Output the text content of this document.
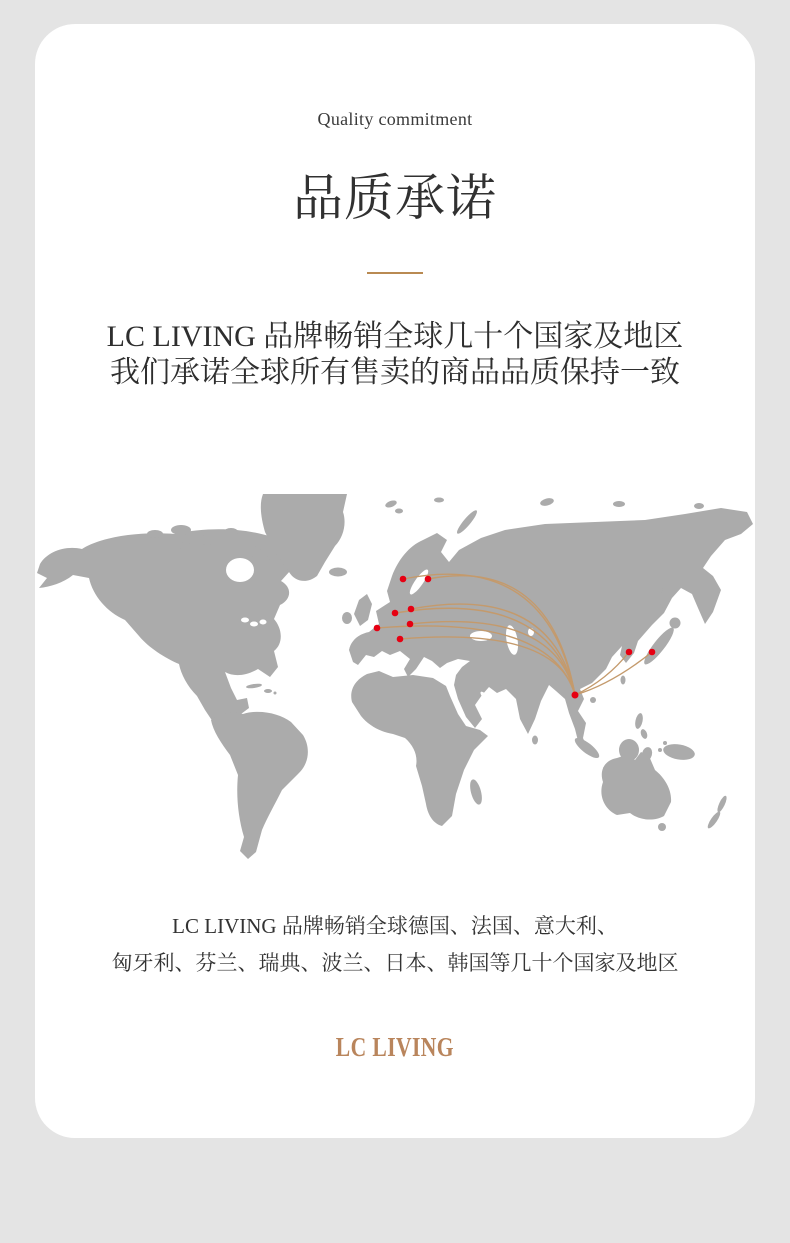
Quality commitment
品质承诺
LC LIVING 品牌畅销全球几十个国家及地区
我们承诺全球所有售卖的商品品质保持一致
LC LIVING 品牌畅销全球德国、法国、意大利、
匈牙利、芬兰、瑞典、波兰、日本、韩国等几十个国家及地区
LC LIVING
